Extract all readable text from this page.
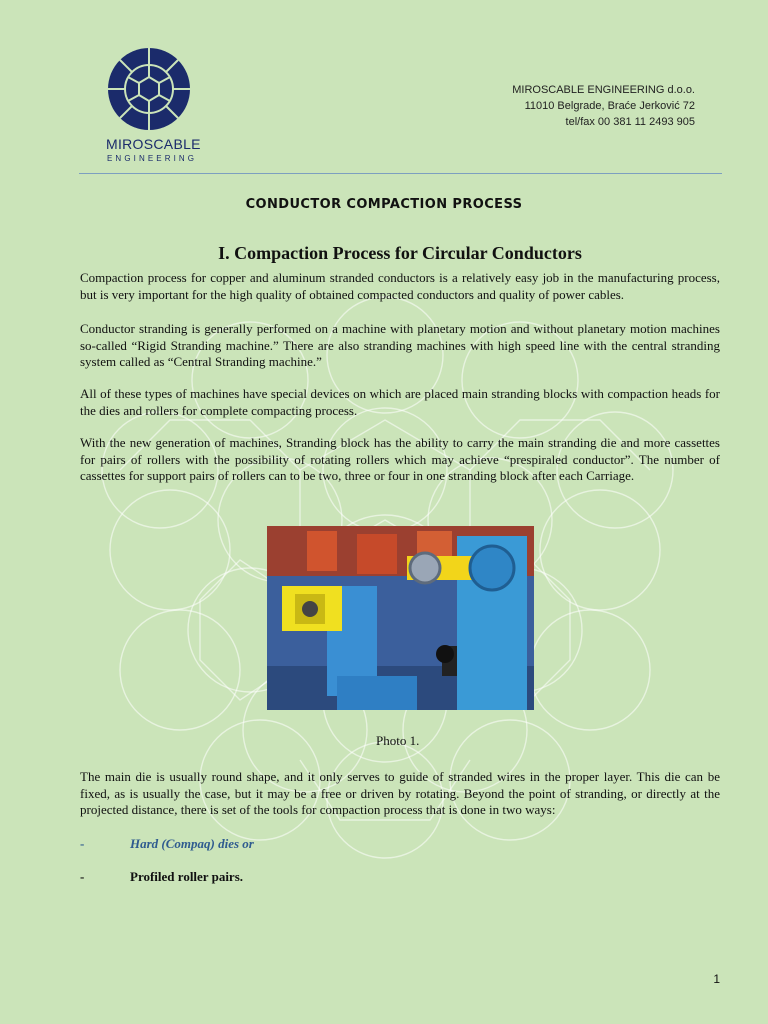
MIROSCABLE
ENGINEERING
MIROSCABLE ENGINEERING d.o.o.
11010 Belgrade, Braće Jerković 72
tel/fax 00 381 11 2493 905
CONDUCTOR COMPACTION PROCESS
I. Compaction Process for Circular Conductors

Compaction process for copper and aluminum stranded conductors is a relatively easy job in the manufacturing process, but is very important for the high quality of obtained compacted conductors and quality of power cables.

Conductor stranding is generally performed on a machine with planetary motion and without planetary motion machines so-called “Rigid Stranding machine.” There are also stranding machines with high speed line with the central stranding system called as “Central Stranding machine.”

All of these types of machines have special devices on which are placed main stranding blocks with compaction heads for the dies and rollers for complete compacting process.

With the new generation of machines, Stranding block has the ability to carry the main stranding die and more cassettes for pairs of rollers with the possibility of rotating rollers which may achieve “prespiraled conductor”. The number of cassettes for support pairs of rollers can to be two, three or four in one stranding block after each Carriage.

Photo 1.

The main die is usually round shape, and it only serves to guide of stranded wires in the proper layer. This die can be fixed, as is usually the case, but it may be a free or driven by rotating. Beyond the point of stranding, or directly at the projected distance, there is set of the tools for compaction process that is done in two ways:

-	Hard (Compaq) dies or
-	Profiled roller pairs.
1
